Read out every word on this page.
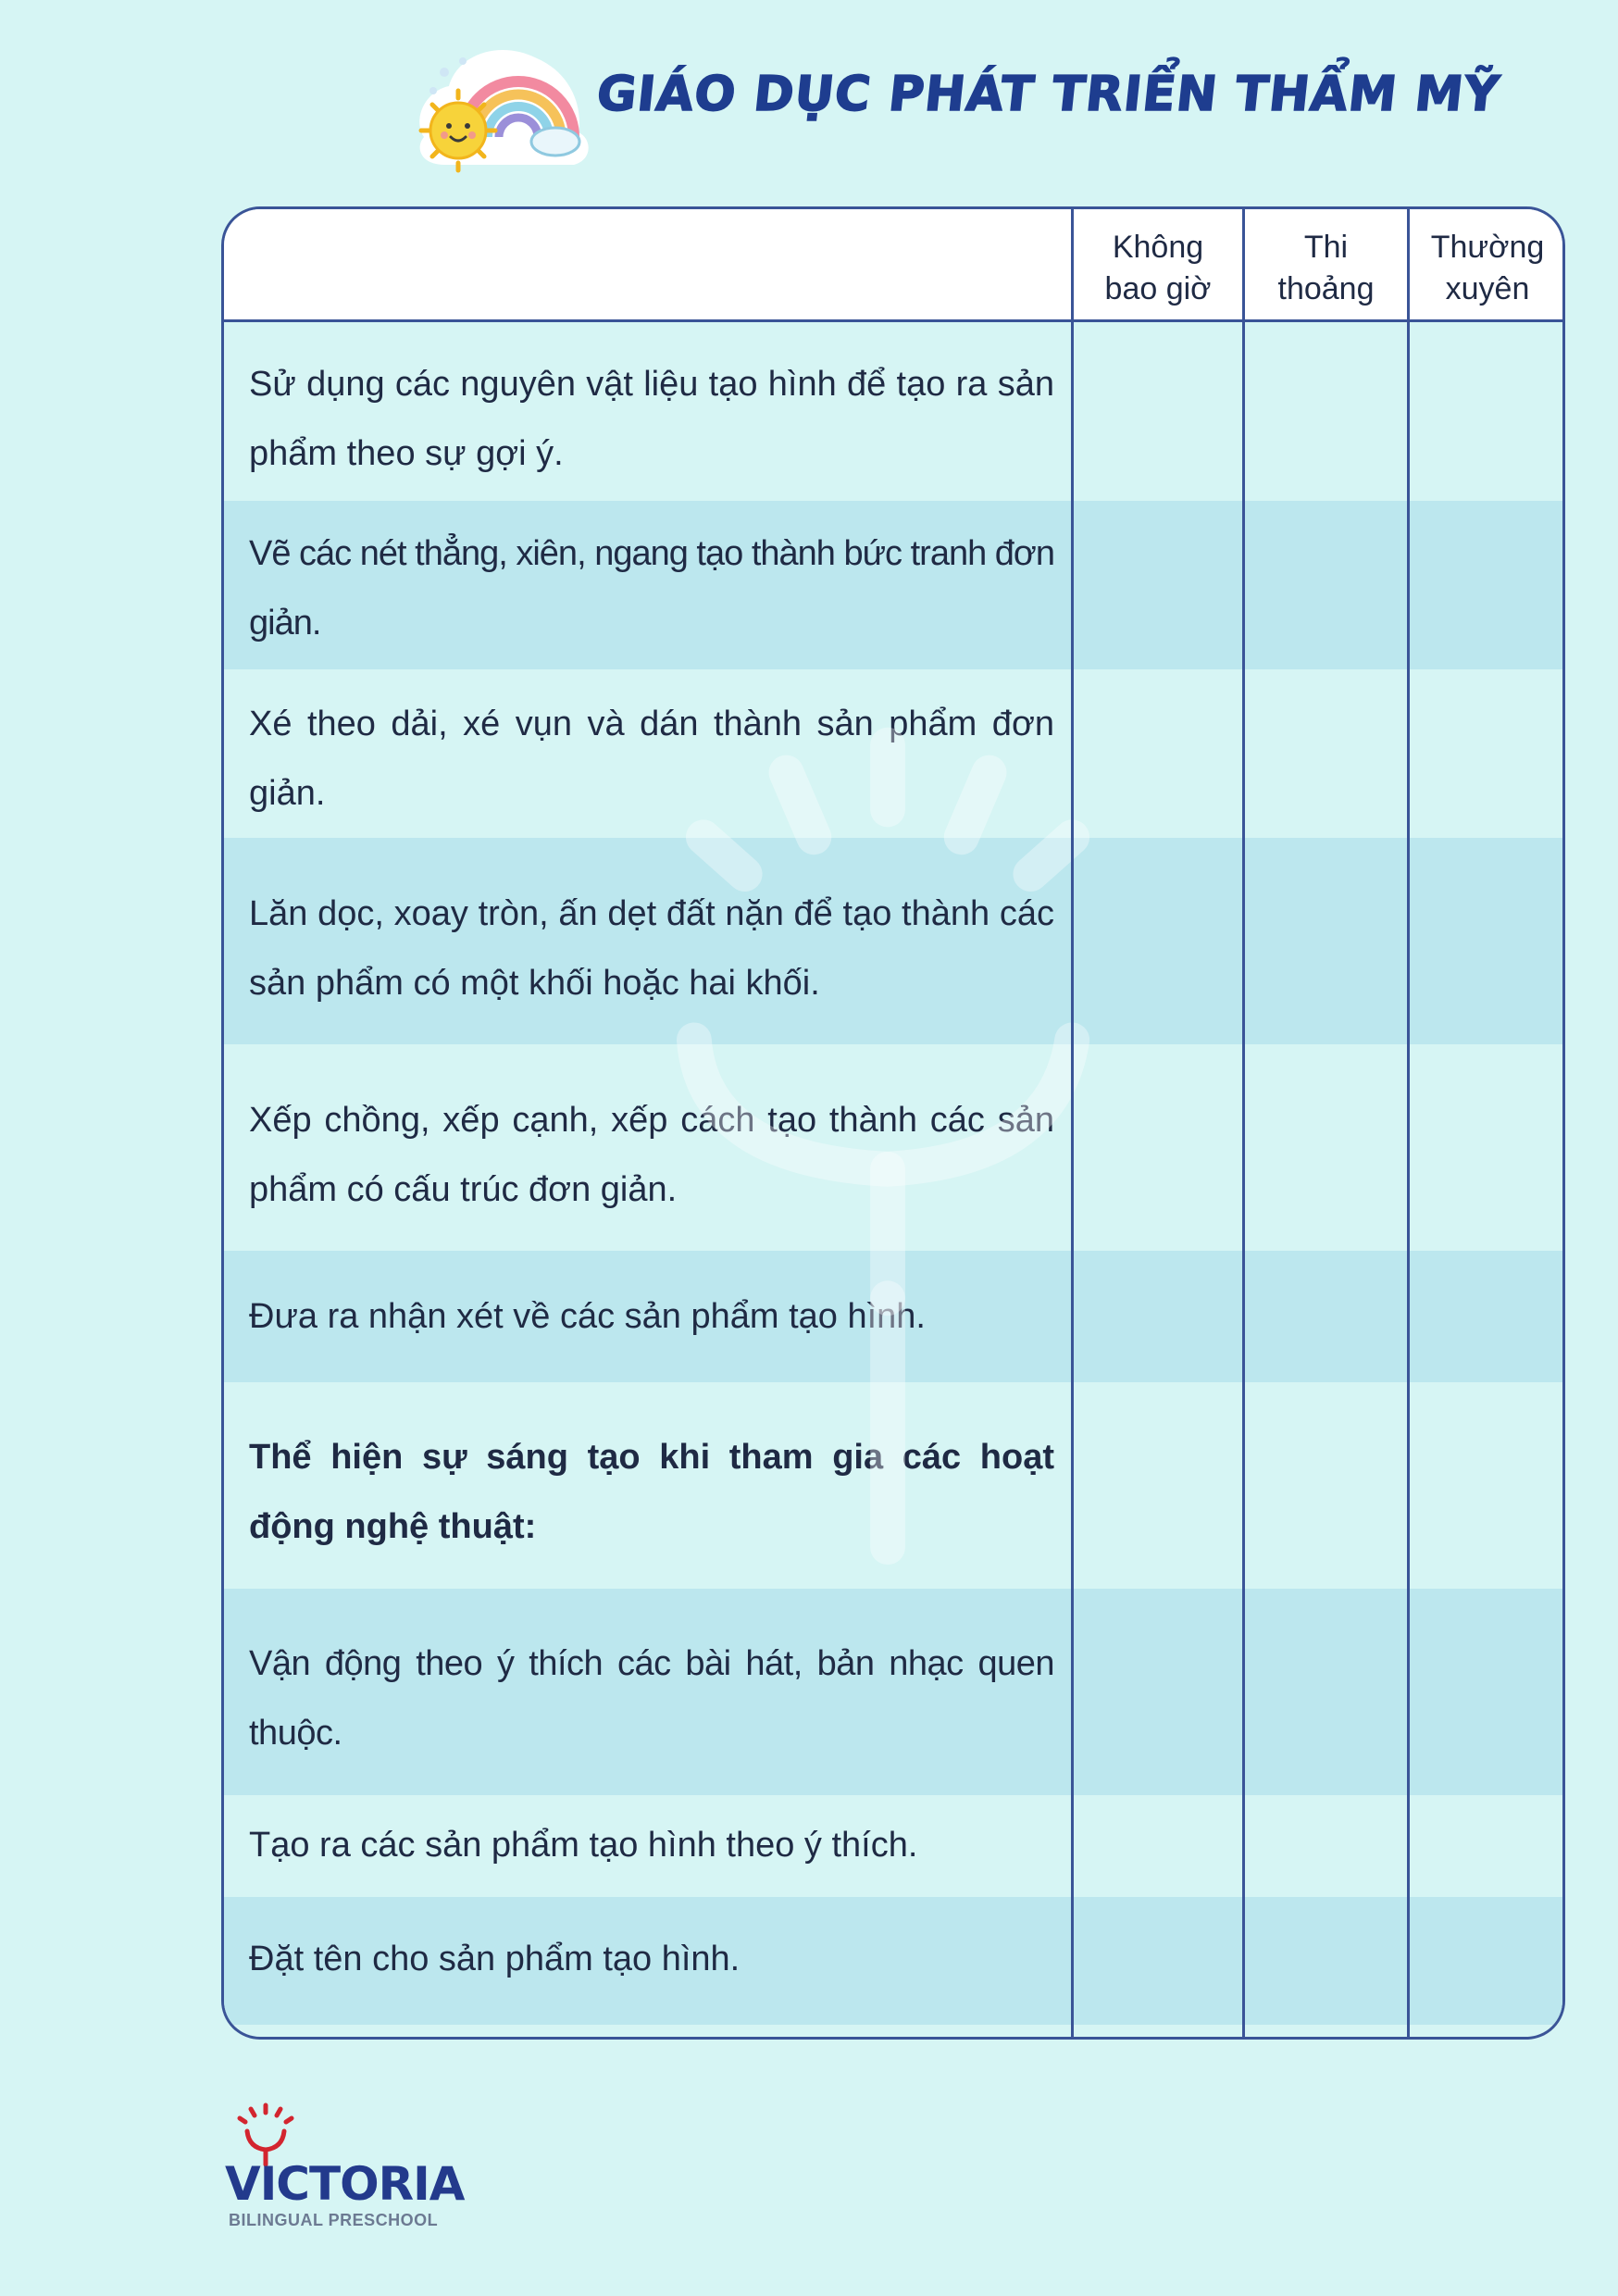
GIÁO DỤC PHÁT TRIỂN THẨM MỸ
Sử dụng các nguyên vật liệu tạo hình để tạo ra sản phẩm theo sự gợi ý.
Vẽ các nét thẳng, xiên, ngang tạo thành bức tranh đơn giản.
Xé theo dải, xé vụn và dán thành sản phẩm đơn giản.
Lăn dọc, xoay tròn, ấn dẹt đất nặn để tạo thành các sản phẩm có một khối hoặc hai khối.
Xếp chồng, xếp cạnh, xếp cách tạo thành các sản phẩm có cấu trúc đơn giản.
Đưa ra nhận xét về các sản phẩm tạo hình.
Thể hiện sự sáng tạo khi tham gia các hoạt động nghệ thuật:
Vận động theo ý thích các bài hát, bản nhạc quen thuộc.
Tạo ra các sản phẩm tạo hình theo ý thích.
Đặt tên cho sản phẩm tạo hình.
Không
bao giờ
Thi
thoảng
Thường
xuyên
VICTORIA
BILINGUAL PRESCHOOL
